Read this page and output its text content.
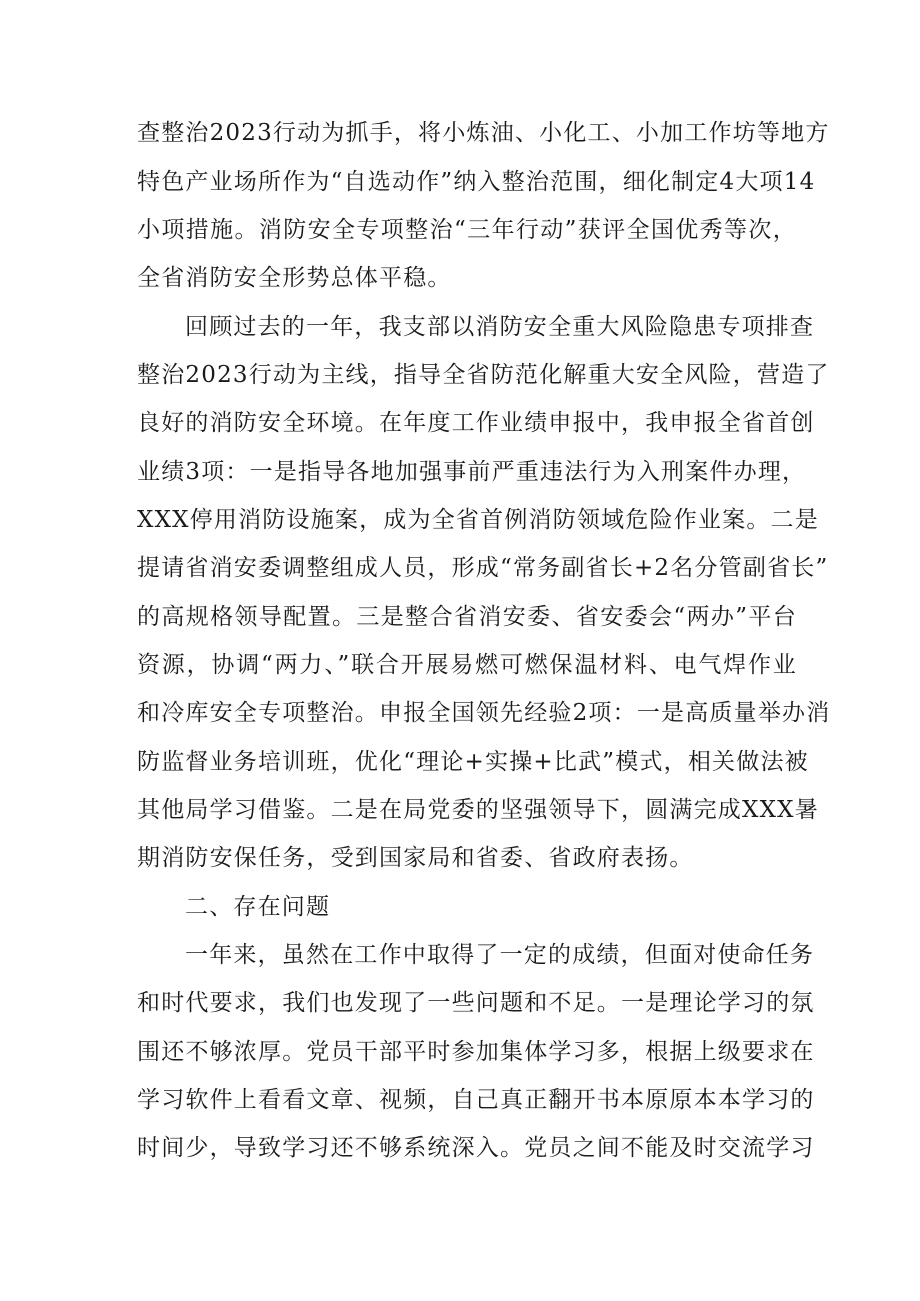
查整治2023行动为抓手，将小炼油、小化工、小加工作坊等地方
特色产业场所作为“自选动作”纳入整治范围，细化制定4大项14
小项措施。消防安全专项整治“三年行动”获评全国优秀等次，
全省消防安全形势总体平稳。
回顾过去的一年，我支部以消防安全重大风险隐患专项排查
整治2023行动为主线，指导全省防范化解重大安全风险，营造了
良好的消防安全环境。在年度工作业绩申报中，我申报全省首创
业绩3项：一是指导各地加强事前严重违法行为入刑案件办理，
XXX停用消防设施案，成为全省首例消防领域危险作业案。二是
提请省消安委调整组成人员，形成“常务副省长+2名分管副省长”
的高规格领导配置。三是整合省消安委、省安委会“两办”平台
资源，协调“两力、”联合开展易燃可燃保温材料、电气焊作业
和冷库安全专项整治。申报全国领先经验2项：一是高质量举办消
防监督业务培训班，优化“理论+实操+比武”模式，相关做法被
其他局学习借鉴。二是在局党委的坚强领导下，圆满完成XXX暑
期消防安保任务，受到国家局和省委、省政府表扬。
二、存在问题
一年来，虽然在工作中取得了一定的成绩，但面对使命任务
和时代要求，我们也发现了一些问题和不足。一是理论学习的氛
围还不够浓厚。党员干部平时参加集体学习多，根据上级要求在
学习软件上看看文章、视频，自己真正翻开书本原原本本学习的
时间少，导致学习还不够系统深入。党员之间不能及时交流学习
